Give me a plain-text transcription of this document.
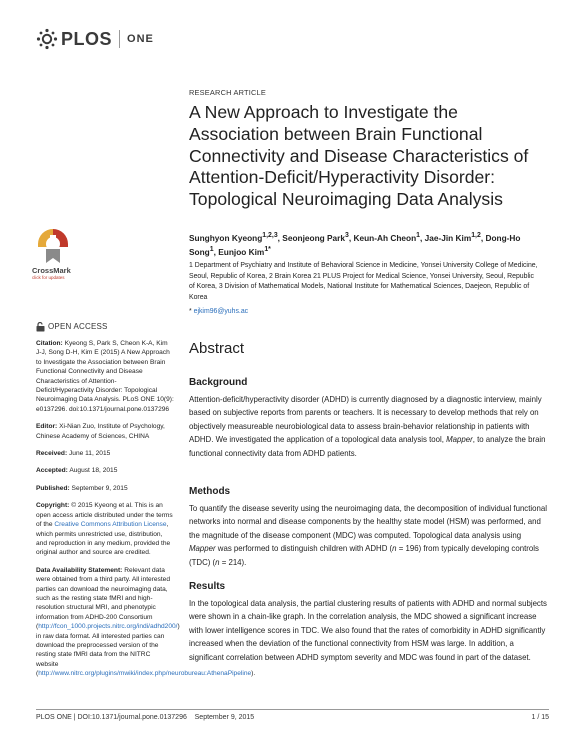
PLOS ONE
CrossMark
click for updates
OPEN ACCESS
Citation: Kyeong S, Park S, Cheon K-A, Kim J-J, Song D-H, Kim E (2015) A New Approach to Investigate the Association between Brain Functional Connectivity and Disease Characteristics of Attention-Deficit/Hyperactivity Disorder: Topological Neuroimaging Data Analysis. PLoS ONE 10(9): e0137296. doi:10.1371/journal.pone.0137296
Editor: Xi-Nian Zuo, Institute of Psychology, Chinese Academy of Sciences, CHINA
Received: June 11, 2015
Accepted: August 18, 2015
Published: September 9, 2015
Copyright: © 2015 Kyeong et al. This is an open access article distributed under the terms of the Creative Commons Attribution License, which permits unrestricted use, distribution, and reproduction in any medium, provided the original author and source are credited.
Data Availability Statement: Relevant data were obtained from a third party. All interested parties can download the neuroimaging data, such as the resting state fMRI and high-resolution structural MRI, and phenotypic information from ADHD-200 Consortium (http://fcon_1000.projects.nitrc.org/indi/adhd200/) in raw data format. All interested parties can download the preprocessed version of the resting state fMRI data from the NITRC website (http://www.nitrc.org/plugins/mwiki/index.php/neurobureau:AthenaPipeline).
RESEARCH ARTICLE
A New Approach to Investigate the Association between Brain Functional Connectivity and Disease Characteristics of Attention-Deficit/Hyperactivity Disorder: Topological Neuroimaging Data Analysis
Sunghyon Kyeong$^{1,2,3}$, Seonjeong Park$^3$, Keun-Ah Cheon$^1$, Jae-Jin Kim$^{1,2}$, Dong-Ho Song$^1$, Eunjoo Kim$^{1*}$
1 Department of Psychiatry and Institute of Behavioral Science in Medicine, Yonsei University College of Medicine, Seoul, Republic of Korea, 2 Brain Korea 21 PLUS Project for Medical Science, Yonsei University, Seoul, Republic of Korea, 3 Division of Mathematical Models, National Institute for Mathematical Sciences, Daejeon, Republic of Korea
* ejkim96@yuhs.ac
Abstract
Background

Attention-deficit/hyperactivity disorder (ADHD) is currently diagnosed by a diagnostic interview, mainly based on subjective reports from parents or teachers. It is necessary to develop methods that rely on objectively measureable neurobiological data to assess brain-behavior relationship in patients with ADHD. We investigated the application of a topological data analysis tool, Mapper, to analyze the brain functional connectivity data from ADHD patients.

Methods

To quantify the disease severity using the neuroimaging data, the decomposition of individual functional networks into normal and disease components by the healthy state model (HSM) was performed, and the magnitude of the disease component (MDC) was computed. Topological data analysis using Mapper was performed to distinguish children with ADHD (n = 196) from typically developing controls (TDC) (n = 214).

Results

In the topological data analysis, the partial clustering results of patients with ADHD and normal subjects were shown in a chain-like graph. In the correlation analysis, the MDC showed a significant increase with lower intelligence scores in TDC. We also found that the rates of comorbidity in ADHD significantly increased when the deviation of the functional connectivity from HSM was large. In addition, a significant correlation between ADHD symptom severity and MDC was found in part of the dataset.

PLOS ONE | DOI:10.1371/journal.pone.0137296    September 9, 2015	1 / 15
